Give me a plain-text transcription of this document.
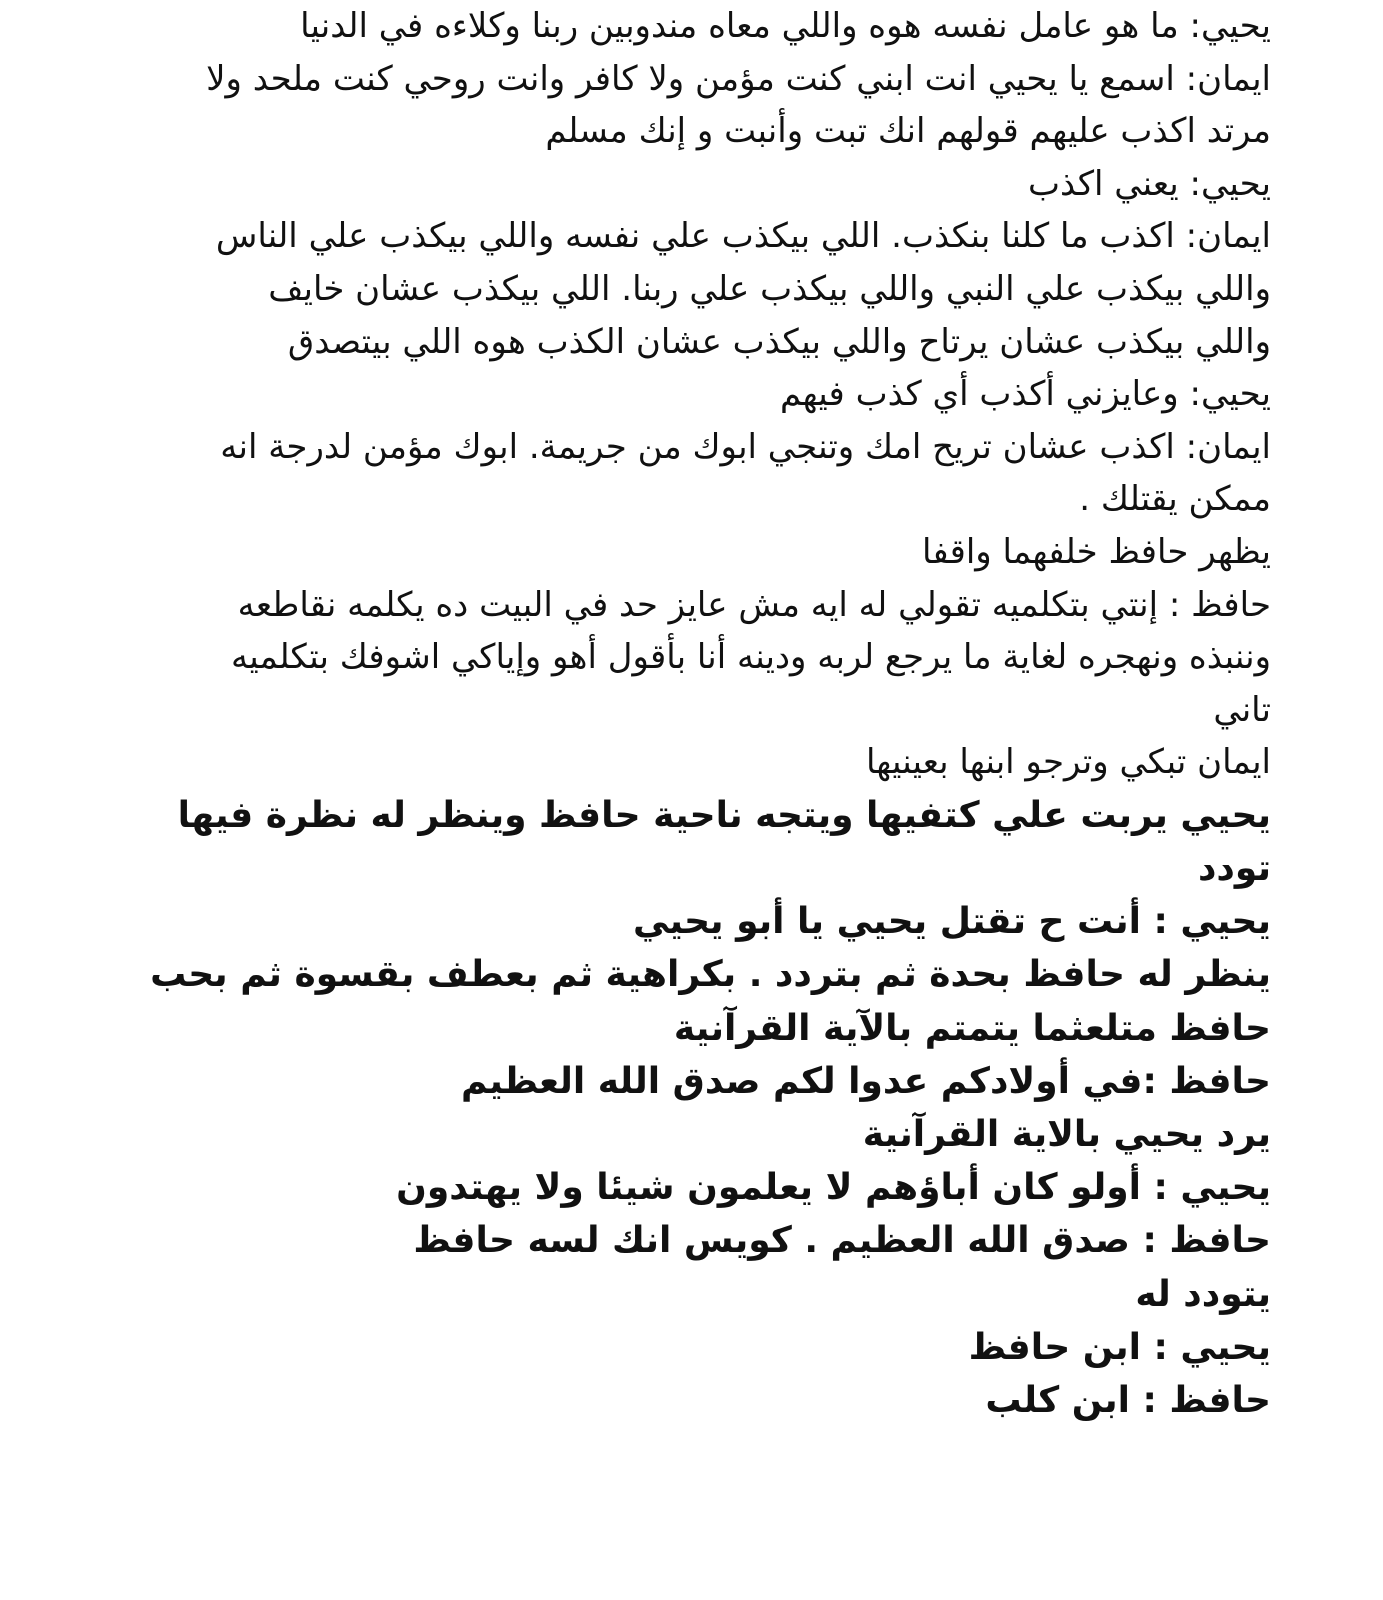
يحيي: ما هو عامل نفسه هوه واللي معاه مندوبين ربنا وكلاءه في الدنيا
ايمان: اسمع يا يحيي انت ابني كنت مؤمن ولا كافر وانت روحي كنت ملحد ولا
مرتد اكذب عليهم قولهم انك تبت وأنبت و إنك مسلم
يحيي: يعني اكذب
ايمان: اكذب ما كلنا بنكذب. اللي بيكذب علي نفسه واللي بيكذب علي الناس
واللي بيكذب علي النبي واللي بيكذب علي ربنا. اللي بيكذب عشان خايف
واللي بيكذب عشان يرتاح واللي بيكذب عشان الكذب هوه اللي بيتصدق
يحيي: وعايزني أكذب أي كذب فيهم
ايمان: اكذب عشان تريح امك وتنجي ابوك من جريمة. ابوك مؤمن لدرجة انه
ممكن يقتلك .
يظهر حافظ خلفهما واقفا
حافظ : إنتي بتكلميه تقولي له ايه مش عايز حد في البيت ده يكلمه نقاطعه
وننبذه ونهجره لغاية ما يرجع لربه ودينه أنا بأقول أهو وإياكي اشوفك بتكلميه
تاني
ايمان تبكي وترجو ابنها بعينيها
يحيي يربت علي كتفيها ويتجه ناحية حافظ وينظر له نظرة فيها
تودد
يحيي : أنت ح تقتل يحيي يا أبو يحيي
ينظر له حافظ بحدة ثم بتردد . بكراهية ثم بعطف بقسوة ثم بحب
حافظ متلعثما يتمتم بالآية القرآنية
حافظ :في أولادكم عدوا لكم صدق الله العظيم
يرد يحيي بالاية القرآنية
يحيي : أولو كان أباؤهم لا يعلمون شيئا ولا يهتدون
حافظ : صدق الله العظيم . كويس انك لسه حافظ
يتودد له
يحيي : ابن حافظ
حافظ : ابن كلب
